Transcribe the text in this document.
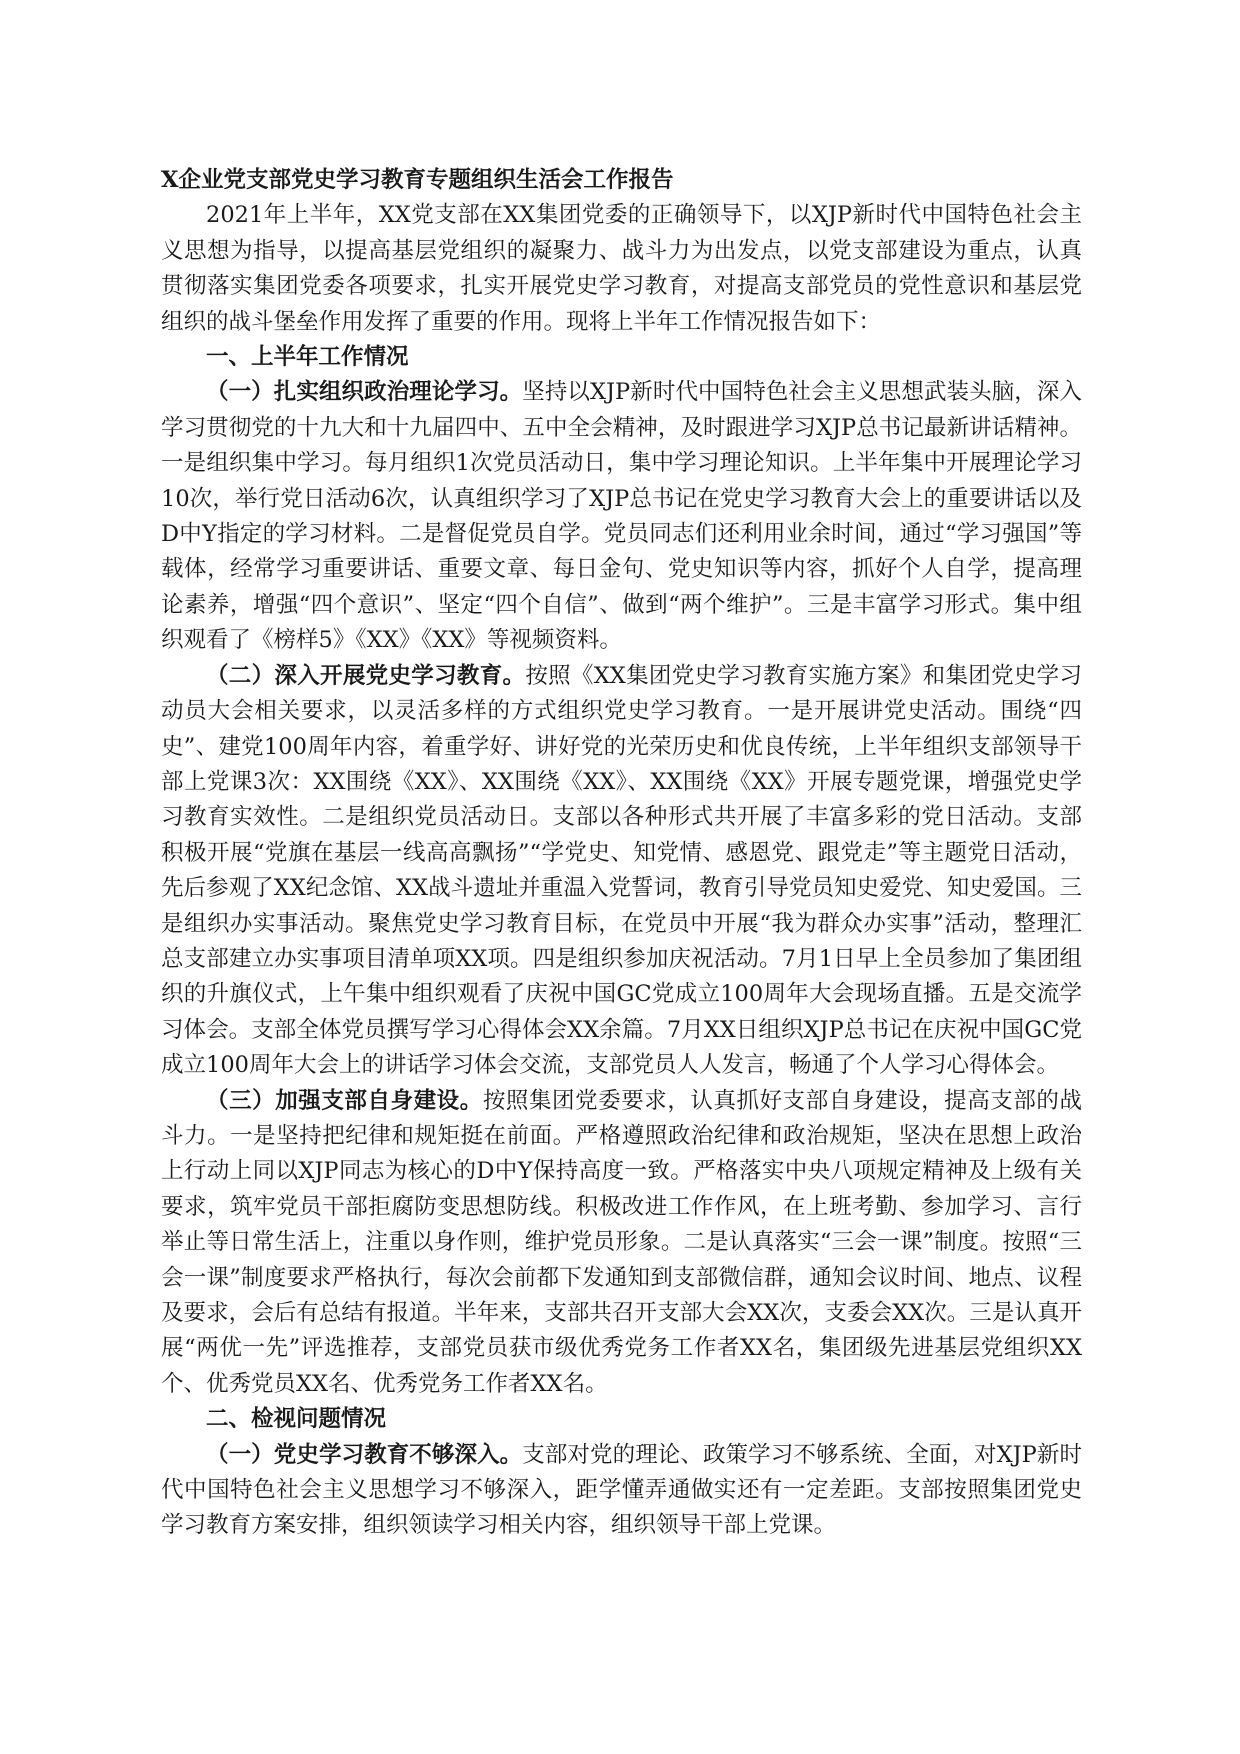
X企业党支部党史学习教育专题组织生活会工作报告

2021年上半年，XX党支部在XX集团党委的正确领导下，以XJP新时代中国特色社会主义思想为指导，以提高基层党组织的凝聚力、战斗力为出发点，以党支部建设为重点，认真贯彻落实集团党委各项要求，扎实开展党史学习教育，对提高支部党员的党性意识和基层党组织的战斗堡垒作用发挥了重要的作用。现将上半年工作情况报告如下：

一、上半年工作情况

（一）扎实组织政治理论学习。坚持以XJP新时代中国特色社会主义思想武装头脑，深入学习贯彻党的十九大和十九届四中、五中全会精神，及时跟进学习XJP总书记最新讲话精神。一是组织集中学习。每月组织1次党员活动日，集中学习理论知识。上半年集中开展理论学习10次，举行党日活动6次，认真组织学习了XJP总书记在党史学习教育大会上的重要讲话以及D中Y指定的学习材料。二是督促党员自学。党员同志们还利用业余时间，通过“学习强国”等载体，经常学习重要讲话、重要文章、每日金句、党史知识等内容，抓好个人自学，提高理论素养，增强“四个意识”、坚定“四个自信”、做到“两个维护”。三是丰富学习形式。集中组织观看了《榜样5》《XX》《XX》等视频资料。

（二）深入开展党史学习教育。按照《XX集团党史学习教育实施方案》和集团党史学习动员大会相关要求，以灵活多样的方式组织党史学习教育。一是开展讲党史活动。围绕“四史”、建党100周年内容，着重学好、讲好党的光荣历史和优良传统，上半年组织支部领导干部上党课3次：XX围绕《XX》、XX围绕《XX》、XX围绕《XX》开展专题党课，增强党史学习教育实效性。二是组织党员活动日。支部以各种形式共开展了丰富多彩的党日活动。支部积极开展“党旗在基层一线高高飘扬”“学党史、知党情、感恩党、跟党走”等主题党日活动，先后参观了XX纪念馆、XX战斗遗址并重温入党誓词，教育引导党员知史爱党、知史爱国。三是组织办实事活动。聚焦党史学习教育目标，在党员中开展“我为群众办实事”活动，整理汇总支部建立办实事项目清单项XX项。四是组织参加庆祝活动。7月1日早上全员参加了集团组织的升旗仪式，上午集中组织观看了庆祝中国GC党成立100周年大会现场直播。五是交流学习体会。支部全体党员撰写学习心得体会XX余篇。7月XX日组织XJP总书记在庆祝中国GC党成立100周年大会上的讲话学习体会交流，支部党员人人发言，畅通了个人学习心得体会。

（三）加强支部自身建设。按照集团党委要求，认真抓好支部自身建设，提高支部的战斗力。一是坚持把纪律和规矩挺在前面。严格遵照政治纪律和政治规矩，坚决在思想上政治上行动上同以XJP同志为核心的D中Y保持高度一致。严格落实中央八项规定精神及上级有关要求，筑牢党员干部拒腐防变思想防线。积极改进工作作风，在上班考勤、参加学习、言行举止等日常生活上，注重以身作则，维护党员形象。二是认真落实“三会一课”制度。按照“三会一课”制度要求严格执行，每次会前都下发通知到支部微信群，通知会议时间、地点、议程及要求，会后有总结有报道。半年来，支部共召开支部大会XX次，支委会XX次。三是认真开展“两优一先”评选推荐，支部党员获市级优秀党务工作者XX名，集团级先进基层党组织XX个、优秀党员XX名、优秀党务工作者XX名。

二、检视问题情况

（一）党史学习教育不够深入。支部对党的理论、政策学习不够系统、全面，对XJP新时代中国特色社会主义思想学习不够深入，距学懂弄通做实还有一定差距。支部按照集团党史学习教育方案安排，组织领读学习相关内容，组织领导干部上党课。
